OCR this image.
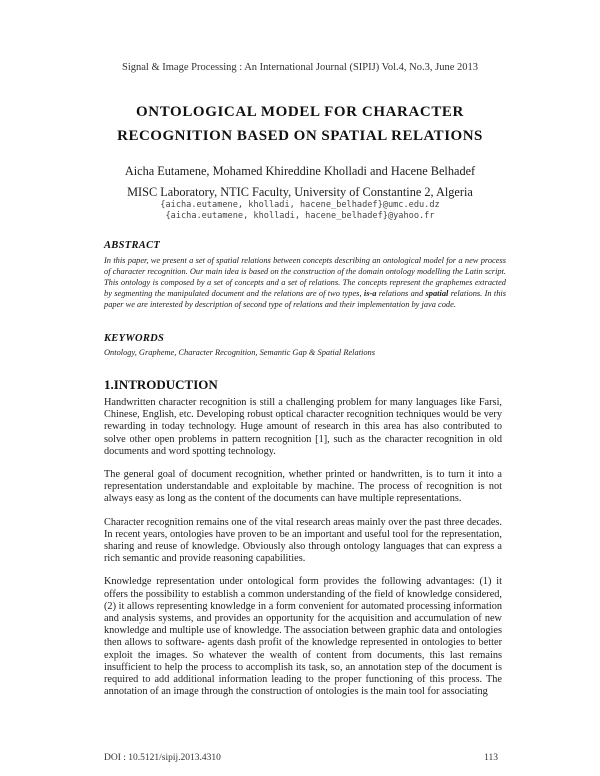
Signal & Image Processing : An International Journal (SIPIJ) Vol.4, No.3, June 2013
ONTOLOGICAL MODEL FOR CHARACTER
RECOGNITION BASED ON SPATIAL RELATIONS
Aicha Eutamene, Mohamed Khireddine Kholladi and Hacene Belhadef
MISC Laboratory, NTIC Faculty, University of Constantine 2, Algeria
{aicha.eutamene, kholladi, hacene_belhadef}@umc.edu.dz
{aicha.eutamene, kholladi, hacene_belhadef}@yahoo.fr
ABSTRACT

In this paper, we present a set of spatial relations between concepts describing an ontological model for a new process of character recognition. Our main idea is based on the construction of the domain ontology modelling the Latin script. This ontology is composed by a set of concepts and a set of relations. The concepts represent the graphemes extracted by segmenting the manipulated document and the relations are of two types, is-a relations and spatial relations. In this paper we are interested by description of second type of relations and their implementation by java code.

KEYWORDS

Ontology, Grapheme, Character Recognition, Semantic Gap & Spatial Relations

1.INTRODUCTION

Handwritten character recognition is still a challenging problem for many languages like Farsi, Chinese, English, etc. Developing robust optical character recognition techniques would be very rewarding in today technology. Huge amount of research in this area has also contributed to solve other open problems in pattern recognition [1], such as the character recognition in old documents and word spotting technology.

The general goal of document recognition, whether printed or handwritten, is to turn it into a representation understandable and exploitable by machine. The process of recognition is not always easy as long as the content of the documents can have multiple representations.

Character recognition remains one of the vital research areas mainly over the past three decades. In recent years, ontologies have proven to be an important and useful tool for the representation, sharing and reuse of knowledge. Obviously also through ontology languages that can express a rich semantic and provide reasoning capabilities.

Knowledge representation under ontological form provides the following advantages: (1) it offers the possibility to establish a common understanding of the field of knowledge considered, (2) it allows representing knowledge in a form convenient for automated processing information and analysis systems, and provides an opportunity for the acquisition and accumulation of new knowledge and multiple use of knowledge. The association between graphic data and ontologies then allows to software- agents dash profit of the knowledge represented in ontologies to better exploit the images. So whatever the wealth of content from documents, this last remains insufficient to help the process to accomplish its task, so, an annotation step of the document is required to add additional information leading to the proper functioning of this process. The annotation of an image through the construction of ontologies is the main tool for associating

DOI : 10.5121/sipij.2013.4310	113
